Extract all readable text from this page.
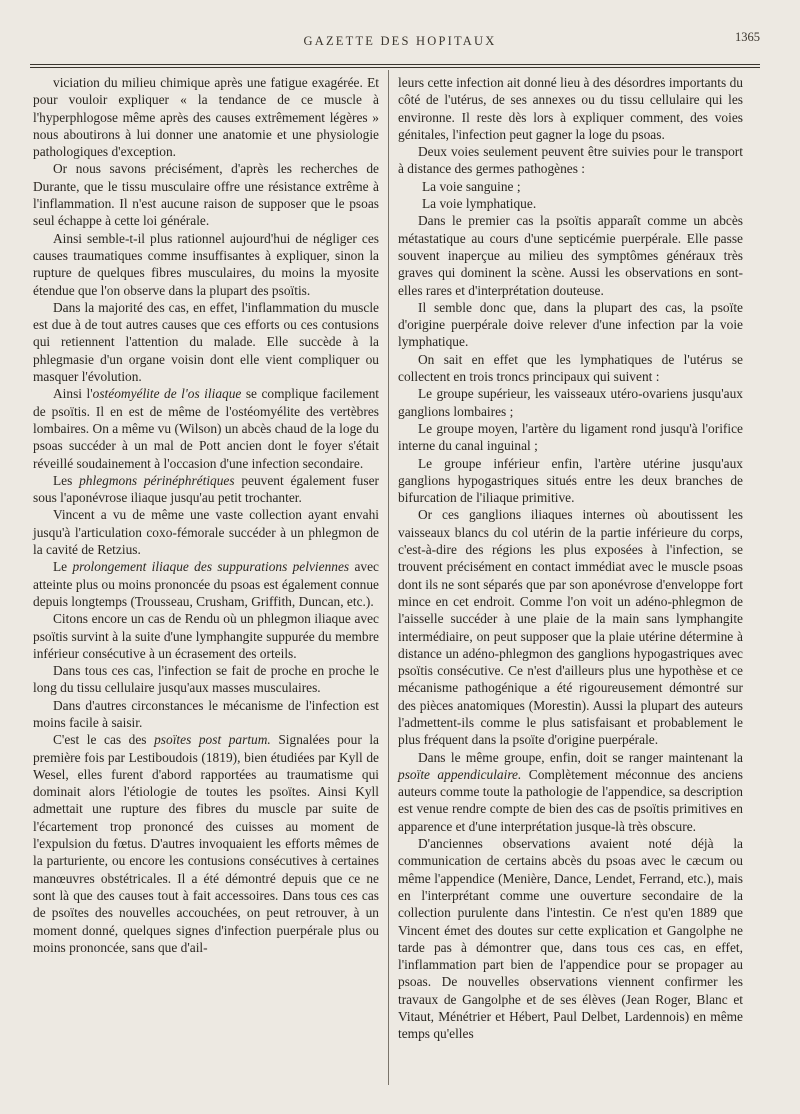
GAZETTE DES HOPITAUX	1365

viciation du milieu chimique après une fatigue exagérée. Et pour vouloir expliquer « la tendance de ce muscle à l'hyperphlogose même après des causes extrêmement légères » nous aboutirons à lui donner une anatomie et une physiologie pathologiques d'exception.

Or nous savons précisément, d'après les recherches de Durante, que le tissu musculaire offre une résistance extrême à l'inflammation. Il n'est aucune raison de supposer que le psoas seul échappe à cette loi générale.

Ainsi semble-t-il plus rationnel aujourd'hui de négliger ces causes traumatiques comme insuffisantes à expliquer, sinon la rupture de quelques fibres musculaires, du moins la myosite étendue que l'on observe dans la plupart des psoïtis.

Dans la majorité des cas, en effet, l'inflammation du muscle est due à de tout autres causes que ces efforts ou ces contusions qui retiennent l'attention du malade. Elle succède à la phlegmasie d'un organe voisin dont elle vient compliquer ou masquer l'évolution.

Ainsi l'ostéomyélite de l'os iliaque se complique facilement de psoïtis. Il en est de même de l'ostéomyélite des vertèbres lombaires. On a même vu (Wilson) un abcès chaud de la loge du psoas succéder à un mal de Pott ancien dont le foyer s'était réveillé soudainement à l'occasion d'une infection secondaire.

Les phlegmons périnéphrétiques peuvent également fuser sous l'aponévrose iliaque jusqu'au petit trochanter.

Vincent a vu de même une vaste collection ayant envahi jusqu'à l'articulation coxo-fémorale succéder à un phlegmon de la cavité de Retzius.

Le prolongement iliaque des suppurations pelviennes avec atteinte plus ou moins prononcée du psoas est également connue depuis longtemps (Trousseau, Crusham, Griffith, Duncan, etc.).

Citons encore un cas de Rendu où un phlegmon iliaque avec psoïtis survint à la suite d'une lymphangite suppurée du membre inférieur consécutive à un écrasement des orteils.

Dans tous ces cas, l'infection se fait de proche en proche le long du tissu cellulaire jusqu'aux masses musculaires.

Dans d'autres circonstances le mécanisme de l'infection est moins facile à saisir.

C'est le cas des psoïtes post partum. Signalées pour la première fois par Lestiboudois (1819), bien étudiées par Kyll de Wesel, elles furent d'abord rapportées au traumatisme qui dominait alors l'étiologie de toutes les psoïtes. Ainsi Kyll admettait une rupture des fibres du muscle par suite de l'écartement trop prononcé des cuisses au moment de l'expulsion du fœtus. D'autres invoquaient les efforts mêmes de la parturiente, ou encore les contusions consécutives à certaines manœuvres obstétricales. Il a été démontré depuis que ce ne sont là que des causes tout à fait accessoires. Dans tous ces cas de psoïtes des nouvelles accouchées, on peut retrouver, à un moment donné, quelques signes d'infection puerpérale plus ou moins prononcée, sans que d'ail-

leurs cette infection ait donné lieu à des désordres importants du côté de l'utérus, de ses annexes ou du tissu cellulaire qui les environne. Il reste dès lors à expliquer comment, des voies génitales, l'infection peut gagner la loge du psoas.

Deux voies seulement peuvent être suivies pour le transport à distance des germes pathogènes :

La voie sanguine ;

La voie lymphatique.

Dans le premier cas la psoïtis apparaît comme un abcès métastatique au cours d'une septicémie puerpérale. Elle passe souvent inaperçue au milieu des symptômes généraux très graves qui dominent la scène. Aussi les observations en sont-elles rares et d'interprétation douteuse.

Il semble donc que, dans la plupart des cas, la psoïte d'origine puerpérale doive relever d'une infection par la voie lymphatique.

On sait en effet que les lymphatiques de l'utérus se collectent en trois troncs principaux qui suivent :

Le groupe supérieur, les vaisseaux utéro-ovariens jusqu'aux ganglions lombaires ;

Le groupe moyen, l'artère du ligament rond jusqu'à l'orifice interne du canal inguinal ;

Le groupe inférieur enfin, l'artère utérine jusqu'aux ganglions hypogastriques situés entre les deux branches de bifurcation de l'iliaque primitive.

Or ces ganglions iliaques internes où aboutissent les vaisseaux blancs du col utérin de la partie inférieure du corps, c'est-à-dire des régions les plus exposées à l'infection, se trouvent précisément en contact immédiat avec le muscle psoas dont ils ne sont séparés que par son aponévrose d'enveloppe fort mince en cet endroit. Comme l'on voit un adéno-phlegmon de l'aisselle succéder à une plaie de la main sans lymphangite intermédiaire, on peut supposer que la plaie utérine détermine à distance un adéno-phlegmon des ganglions hypogastriques avec psoïtis consécutive. Ce n'est d'ailleurs plus une hypothèse et ce mécanisme pathogénique a été rigoureusement démontré sur des pièces anatomiques (Morestin). Aussi la plupart des auteurs l'admettent-ils comme le plus satisfaisant et probablement le plus fréquent dans la psoïte d'origine puerpérale.

Dans le même groupe, enfin, doit se ranger maintenant la psoïte appendiculaire. Complètement méconnue des anciens auteurs comme toute la pathologie de l'appendice, sa description est venue rendre compte de bien des cas de psoïtis primitives en apparence et d'une interprétation jusque-là très obscure.

D'anciennes observations avaient noté déjà la communication de certains abcès du psoas avec le cæcum ou même l'appendice (Menière, Dance, Lendet, Ferrand, etc.), mais en l'interprétant comme une ouverture secondaire de la collection purulente dans l'intestin. Ce n'est qu'en 1889 que Vincent émet des doutes sur cette explication et Gangolphe ne tarde pas à démontrer que, dans tous ces cas, en effet, l'inflammation part bien de l'appendice pour se propager au psoas. De nouvelles observations viennent confirmer les travaux de Gangolphe et de ses élèves (Jean Roger, Blanc et Vitaut, Ménétrier et Hébert, Paul Delbet, Lardennois) en même temps qu'elles
